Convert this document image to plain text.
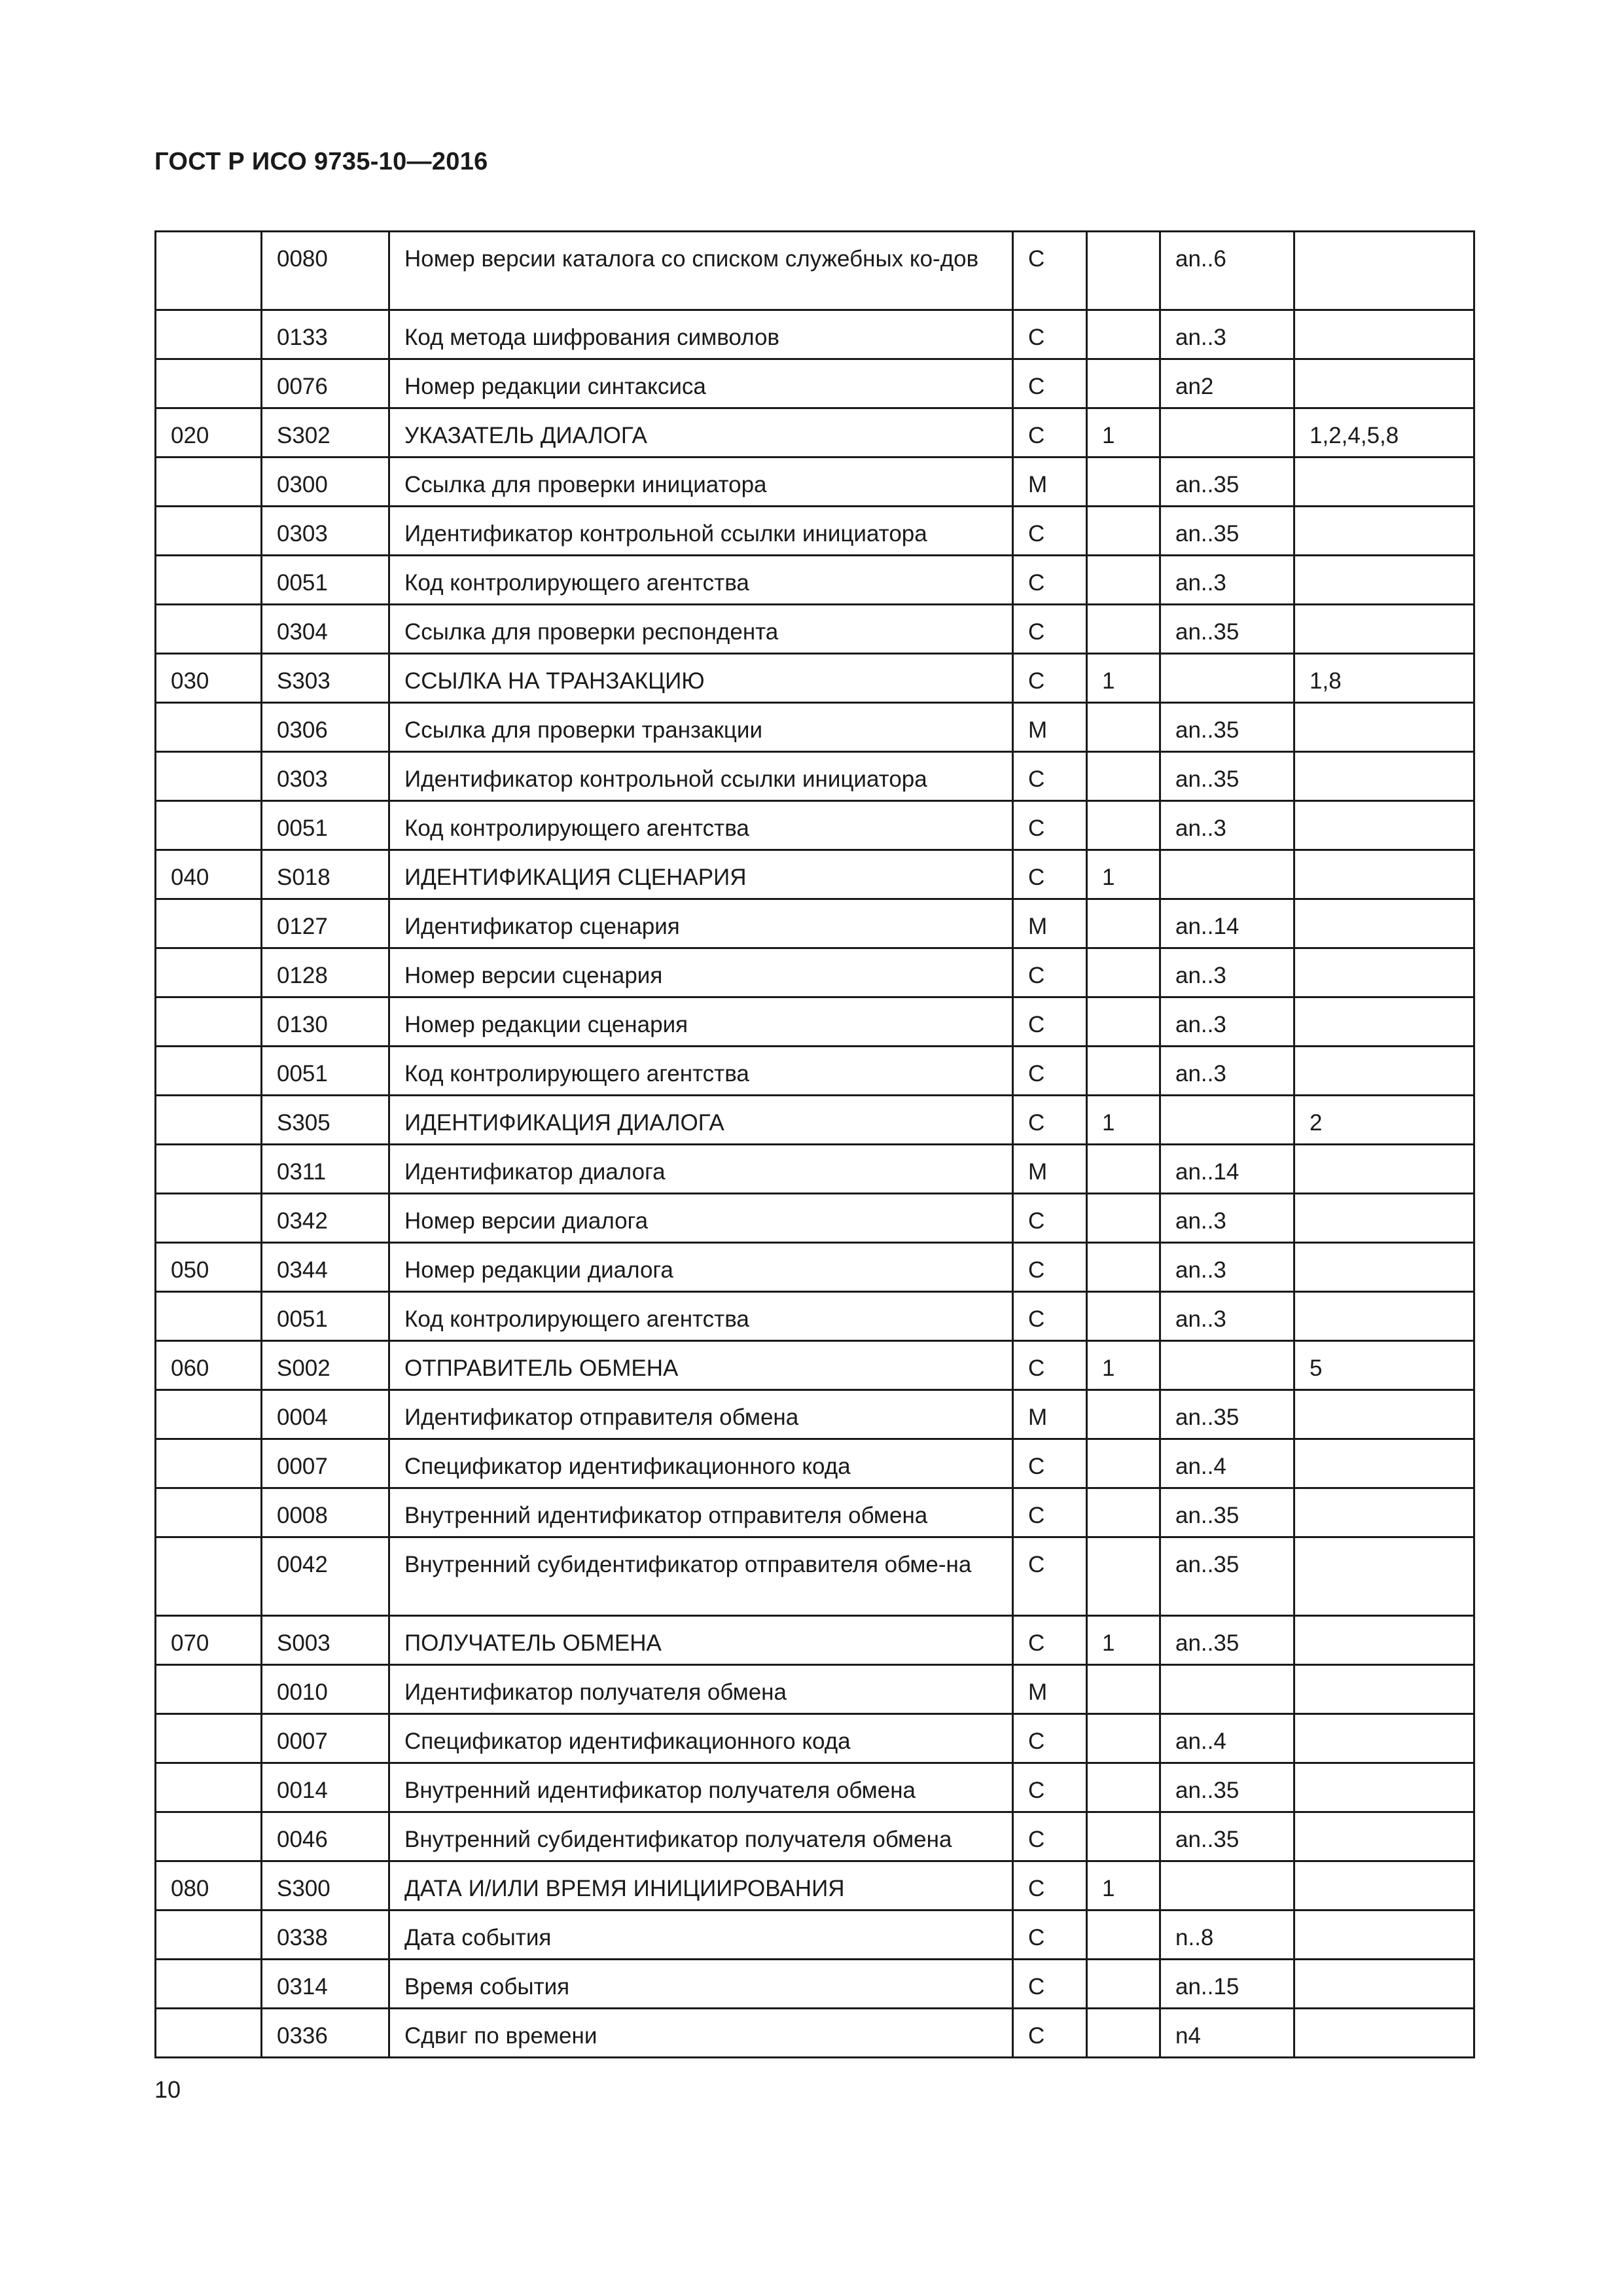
ГОСТ Р ИСО 9735-10—2016
	0080	Номер версии каталога со списком служебных ко-дов	C		an..6	
	0133	Код метода шифрования символов	C		an..3	
	0076	Номер редакции синтаксиса	C		an2	
020	S302	УКАЗАТЕЛЬ ДИАЛОГА	C	1		1,2,4,5,8
	0300	Ссылка для проверки инициатора	M		an..35	
	0303	Идентификатор контрольной ссылки инициатора	C		an..35	
	0051	Код контролирующего агентства	C		an..3	
	0304	Ссылка для проверки респондента	C		an..35	
030	S303	ССЫЛКА НА ТРАНЗАКЦИЮ	C	1		1,8
	0306	Ссылка для проверки транзакции	M		an..35	
	0303	Идентификатор контрольной ссылки инициатора	C		an..35	
	0051	Код контролирующего агентства	C		an..3	
040	S018	ИДЕНТИФИКАЦИЯ СЦЕНАРИЯ	C	1		
	0127	Идентификатор сценария	M		an..14	
	0128	Номер версии сценария	C		an..3	
	0130	Номер редакции сценария	C		an..3	
	0051	Код контролирующего агентства	C		an..3	
	S305	ИДЕНТИФИКАЦИЯ ДИАЛОГА	C	1		2
	0311	Идентификатор диалога	M		an..14	
	0342	Номер версии диалога	C		an..3	
050	0344	Номер редакции диалога	C		an..3	
	0051	Код контролирующего агентства	C		an..3	
060	S002	ОТПРАВИТЕЛЬ ОБМЕНА	C	1		5
	0004	Идентификатор отправителя обмена	M		an..35	
	0007	Спецификатор идентификационного кода	C		an..4	
	0008	Внутренний идентификатор отправителя обмена	C		an..35	
	0042	Внутренний субидентификатор отправителя обме-на	C		an..35	
070	S003	ПОЛУЧАТЕЛЬ ОБМЕНА	C	1	an..35	
	0010	Идентификатор получателя обмена	M			
	0007	Спецификатор идентификационного кода	C		an..4	
	0014	Внутренний идентификатор получателя обмена	C		an..35	
	0046	Внутренний субидентификатор получателя обмена	C		an..35	
080	S300	ДАТА И/ИЛИ ВРЕМЯ ИНИЦИИРОВАНИЯ	C	1		
	0338	Дата события	C		n..8	
	0314	Время события	C		an..15	
	0336	Сдвиг по времени	C		n4	
10
